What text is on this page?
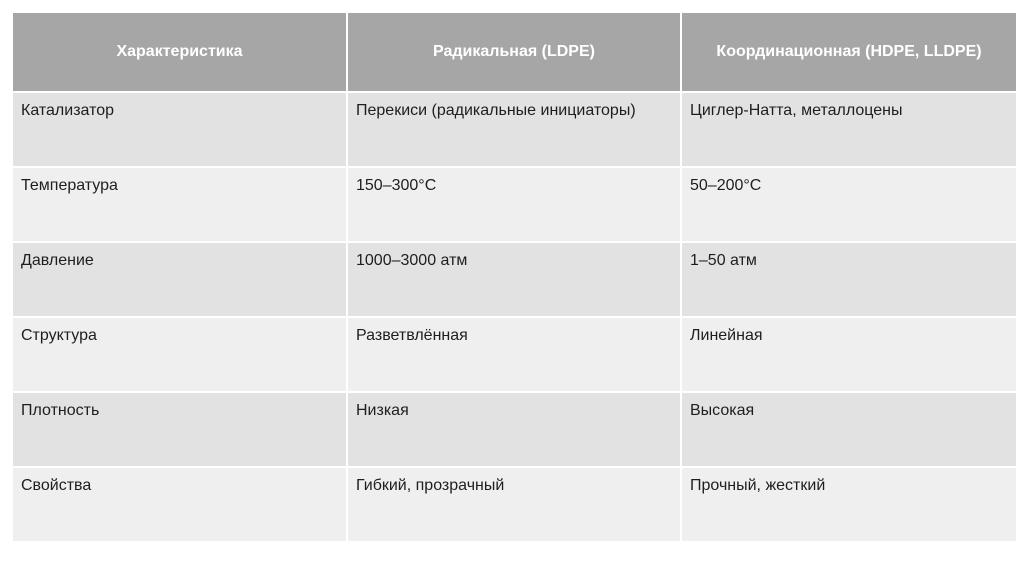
Характеристика	Радикальная (LDPE)	Координационная (HDPE, LLDPE)
Катализатор	Перекиси (радикальные инициаторы)	Циглер-Натта, металлоцены
Температура	150–300°C	50–200°C
Давление	1000–3000 атм	1–50 атм
Структура	Разветвлённая	Линейная
Плотность	Низкая	Высокая
Свойства	Гибкий, прозрачный	Прочный, жесткий
